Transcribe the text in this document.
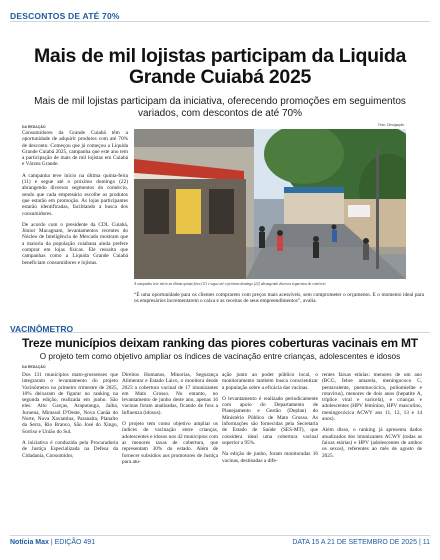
DESCONTOS DE ATÉ 70%
Mais de mil lojistas participam da Liquida Grande Cuiabá 2025
Mais de mil lojistas participam da iniciativa, oferecendo promoções em seguimentos variados, com descontos de até 70%
DA REDAÇÃO	Foto: Divulgação

Consumidores da Grande Cuiabá têm a oportunidade de adquirir produtos com até 70% de desconto. Começou que já começou a Liquida Grande Cuiabá 2025, campanha que este ano tem a participação de mais de mil lojistas em Cuiabá e Várzea Grande.

A campanha teve início na última quinta-feira (11) e segue até o próximo domingo (22) abrangendo diversos segmentos do comércio, sendo que cada empresário escolhe os produtos que estarão em promoção. As lojas participantes estarão identificadas, facilitando a busca dos consumidores.

De acordo com o presidente da CDL Cuiabá, Júnior Macagnam, levantamentos recentes do Núcleo de Inteligência de Mercado mostram que a maioria da população cuiabana ainda prefere comprar em lojas físicas. Ele ressalta que campanhas como a Liquida Grande Cuiabá beneficiam consumidores e lojistas.

A campanha teve início na última quinta-feira (11) e segue até o próximo domingo (22) abrangendo diversos segmentos do comércio
“É uma oportunidade para os clientes comprarem com preços mais acessíveis, sem comprometer o orçamento. E o momento ideal para os empresários incrementarem o caixa e as receitas de seus empreendimentos”, avalia.
VACINÔMETRO
Treze municípios deixam ranking das piores coberturas vacinais em MT
O projeto tem como objetivo ampliar os índices de vacinação entre crianças, adolescentes e idosos
DA REDAÇÃO

Dos 131 municípios mato-grossenses que integraram o levantamento do projeto Vacinômetro no primeiro trimestre de 2025, 10% deixaram de figurar no ranking na segunda edição, realizada em junho. São eles: Alto Garças, Araputanga, Jaíba, Juruena, Mirassol D'Oeste, Nova Canãa do Norte, Nova Xavantina, Paranaíta, Planalto da Serra, Rio Branco, São José do Xingu, Sorriso e União do Sul.

A iniciativa é conduzida pela Procuradoria de Justiça Especializada na Defesa da Cidadania, Consumidor,

Direitos Humanos, Minorias, Segurança Alimentar e Estado Laico, o monitora desde 2023 a cobertura vacinal de 17 imunizantes em Mato Grosso. No entanto, no levantamento de junho deste ano, apenas 16 vacinas foram analisadas, ficando de fora a Influenza (idosos).

O projeto tem como objetivo ampliar os índices de vacinação entre crianças, adolescentes e idosos nos 42 municípios com as menores taxas de cobertura, que representam 30% do estado. Além de fornecer subsídios aos promotores de Justiça para atu-

ação junto ao poder público local, o monitoramento também busca conscientizar a população sobre a eficácia das vacinas.

O levantamento é realizado periodicamente com apoio do Departamento de Planejamento e Gestão (Deplan) do Ministério Público de Mato Grosso. As informações são fornecidas pela Secretaria de Estado de Saúde (SES-MT), que considera ideal uma cobertura vacinal superior a 95%.

Na edição de junho, foram monitoradas 16 vacinas, destinadas a dife-

rentes faixas etárias: menores de um ano (BCG, febre amarela, meningococo C, pentavalente, pneumocócica, poliomielite e rotavírus), menores de dois anos (hepatite A, tríplice viral e varicela), e crianças e adolescentes (HPV feminino, HPV masculino, meningocócica ACWY aos 11, 12, 13 e 14 anos).

Além disso, o ranking já apresenta dados atualizados dos imunizantes ACWY (todas as faixas etárias) e HPV (adolescentes de ambos os sexos), referentes ao mês de agosto de 2025.

Notícia Max | EDIÇÃO 491	DATA 15 A 21 DE SETEMBRO DE 2025 | 11
